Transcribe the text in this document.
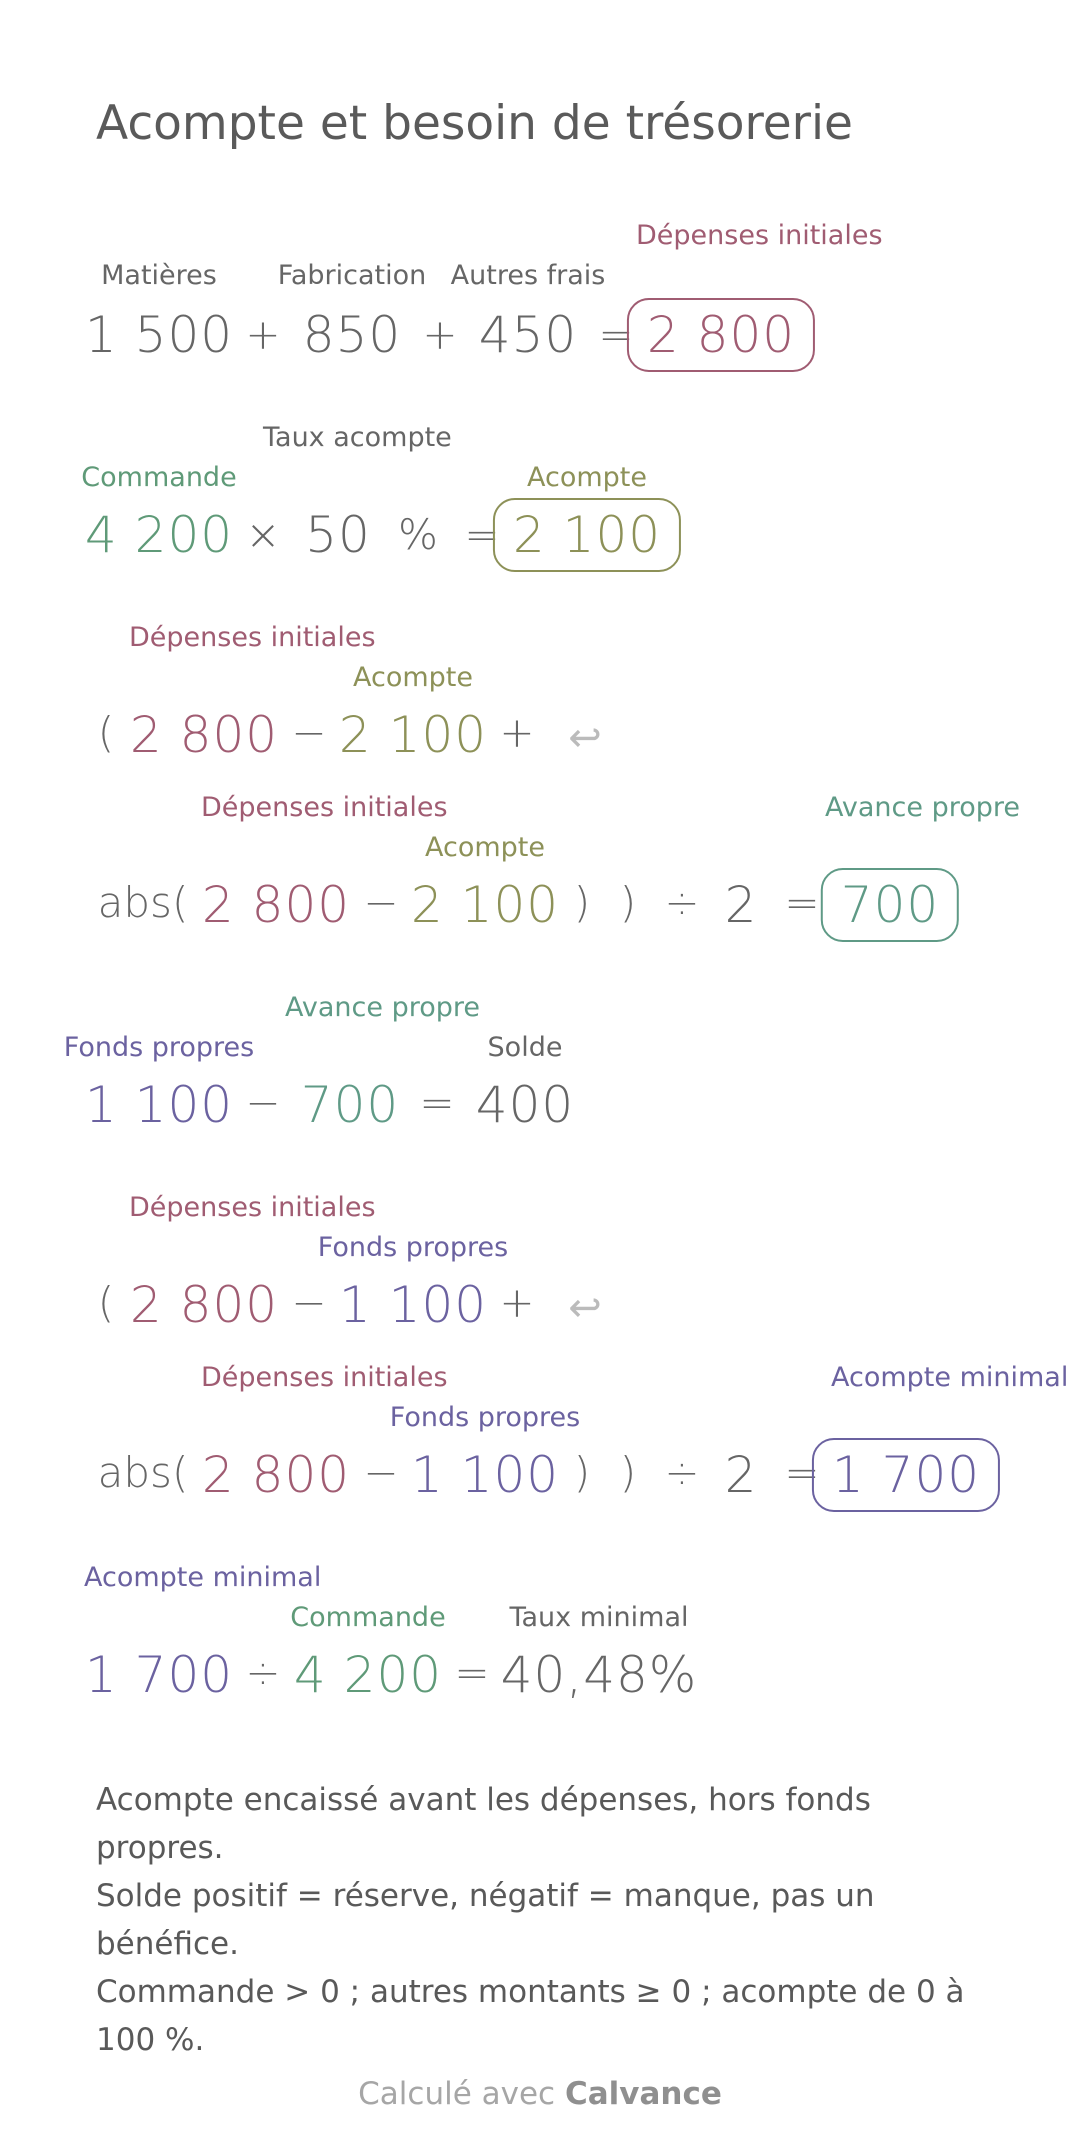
Acompte et besoin de trésorerie
Matières
1 500 +
Fabrication
850 +
Autres frais
450 =
Dépenses initiales
2 800
Commande
4 200 ×
Taux acompte
50 % =
Acompte
2 100
(
Dépenses initiales
2 800 −
Acompte
2 100 + ↩
abs(
Dépenses initiales
2 800 −
Acompte
2 100 ) ) ÷ 2 =
Avance propre
700
Fonds propres
1 100 −
Avance propre
700 =
Solde
400
(
Dépenses initiales
2 800 −
Fonds propres
1 100 + ↩
abs(
Dépenses initiales
2 800 −
Fonds propres
1 100 ) ) ÷ 2 =
Acompte minimal
1 700
Acompte minimal
1 700 ÷
Commande
4 200 =
Taux minimal
40,48%

Acompte encaissé avant les dépenses, hors fonds propres.

Solde positif = réserve, négatif = manque, pas un bénéfice.

Commande > 0 ; autres montants ≥ 0 ; acompte de 0 à 100 %.

Calculé avec Calvance
